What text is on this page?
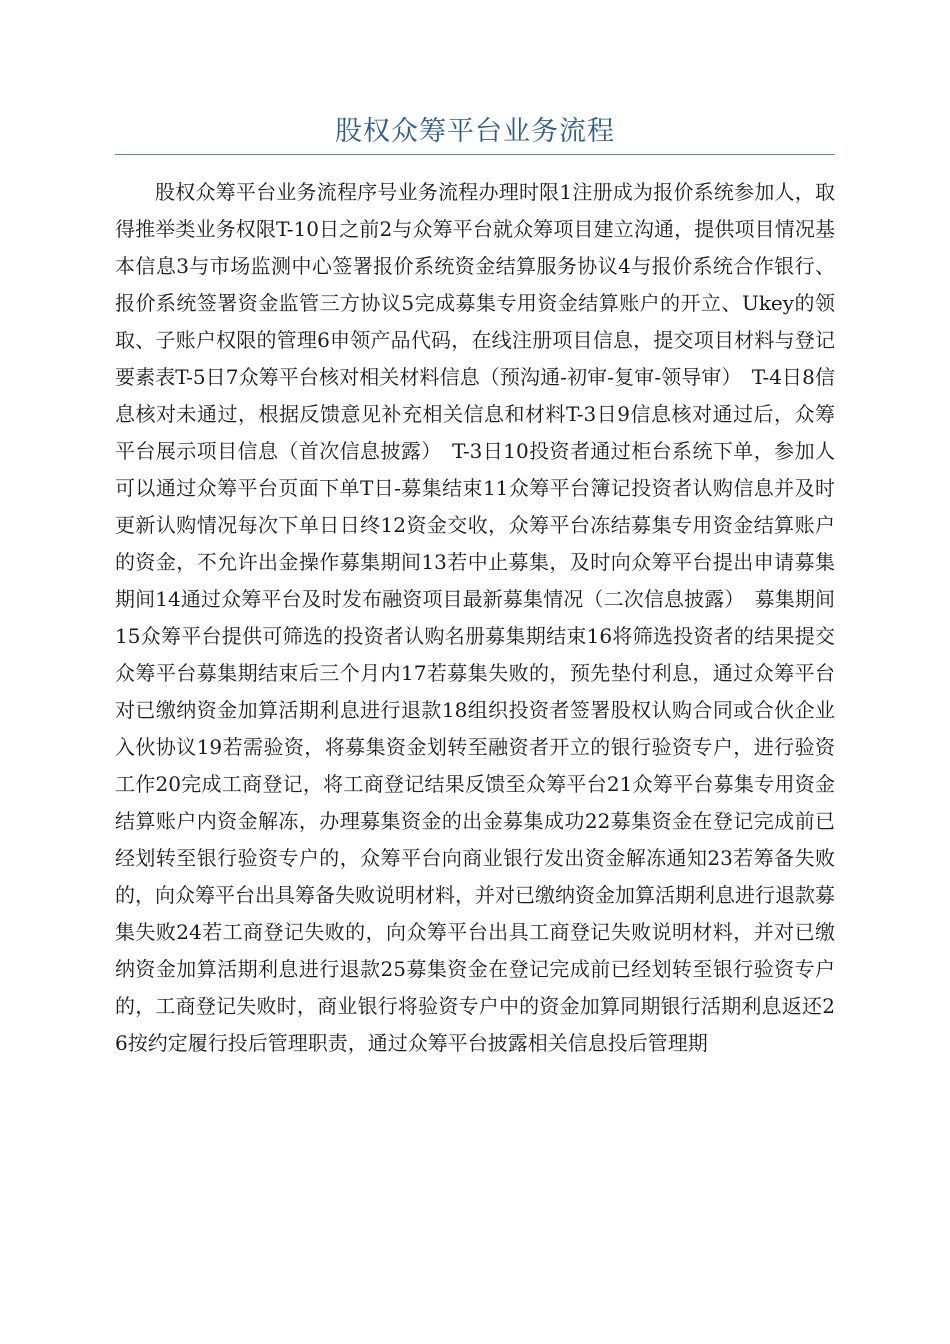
股权众筹平台业务流程

股权众筹平台业务流程序号业务流程办理时限1注册成为报价系统参加人，取得推举类业务权限T-10日之前2与众筹平台就众筹项目建立沟通，提供项目情况基本信息3与市场监测中心签署报价系统资金结算服务协议4与报价系统合作银行、报价系统签署资金监管三方协议5完成募集专用资金结算账户的开立、Ukey的领取、子账户权限的管理6申领产品代码，在线注册项目信息，提交项目材料与登记要素表T-5日7众筹平台核对相关材料信息（预沟通-初审-复审-领导审）　T-4日8信息核对未通过，根据反馈意见补充相关信息和材料T-3日9信息核对通过后，众筹平台展示项目信息（首次信息披露）　T-3日10投资者通过柜台系统下单，参加人可以通过众筹平台页面下单T日-募集结束11众筹平台簿记投资者认购信息并及时更新认购情况每次下单日日终12资金交收，众筹平台冻结募集专用资金结算账户的资金，不允许出金操作募集期间13若中止募集，及时向众筹平台提出申请募集期间14通过众筹平台及时发布融资项目最新募集情况（二次信息披露）　募集期间15众筹平台提供可筛选的投资者认购名册募集期结束16将筛选投资者的结果提交众筹平台募集期结束后三个月内17若募集失败的，预先垫付利息，通过众筹平台对已缴纳资金加算活期利息进行退款18组织投资者签署股权认购合同或合伙企业入伙协议19若需验资，将募集资金划转至融资者开立的银行验资专户，进行验资工作20完成工商登记，将工商登记结果反馈至众筹平台21众筹平台募集专用资金结算账户内资金解冻，办理募集资金的出金募集成功22募集资金在登记完成前已经划转至银行验资专户的，众筹平台向商业银行发出资金解冻通知23若筹备失败的，向众筹平台出具筹备失败说明材料，并对已缴纳资金加算活期利息进行退款募集失败24若工商登记失败的，向众筹平台出具工商登记失败说明材料，并对已缴纳资金加算活期利息进行退款25募集资金在登记完成前已经划转至银行验资专户的，工商登记失败时，商业银行将验资专户中的资金加算同期银行活期利息返还26按约定履行投后管理职责，通过众筹平台披露相关信息投后管理期
